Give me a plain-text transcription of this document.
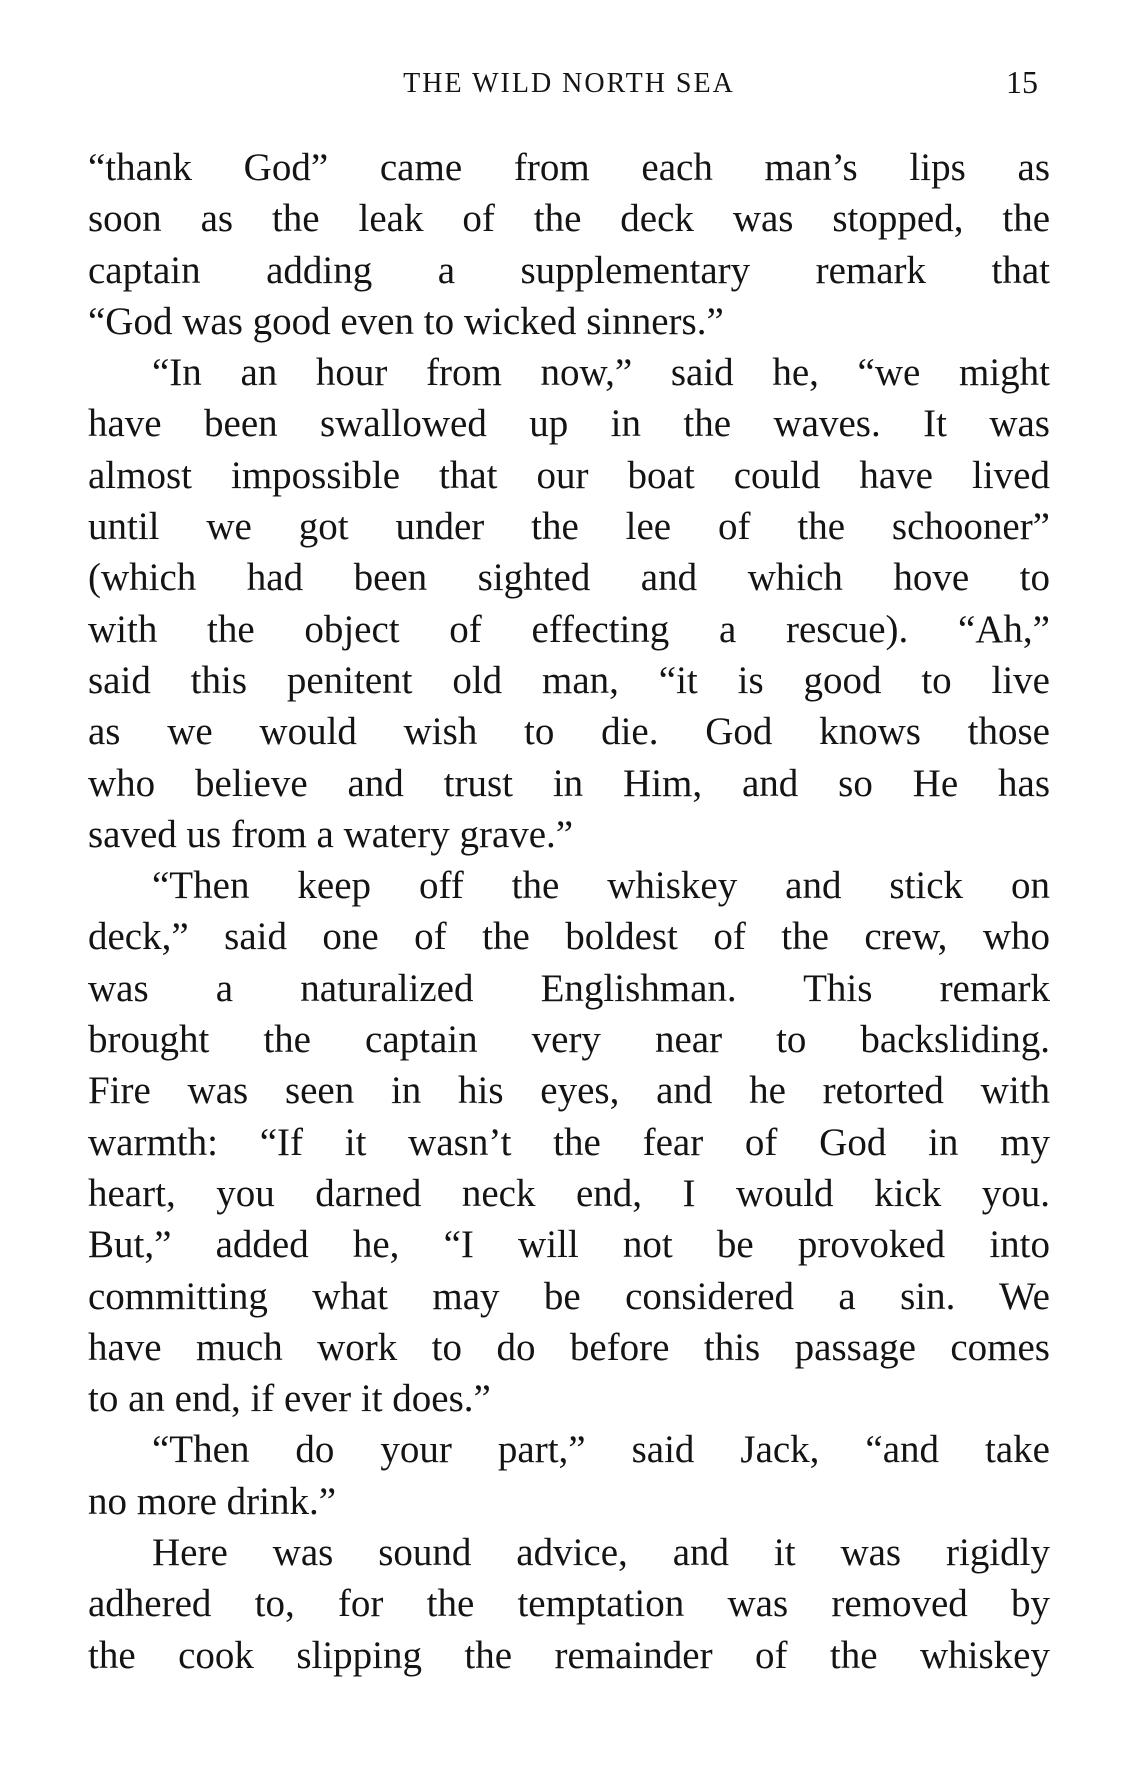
THE WILD NORTH SEA	15
“thank God” came from each man’s lips as
soon as the leak of the deck was stopped, the
captain adding a supplementary remark that
“God was good even to wicked sinners.”
“In an hour from now,” said he, “we might
have been swallowed up in the waves. It was
almost impossible that our boat could have lived
until we got under the lee of the schooner”
(which had been sighted and which hove to
with the object of effecting a rescue). “Ah,”
said this penitent old man, “it is good to live
as we would wish to die. God knows those
who believe and trust in Him, and so He has
saved us from a watery grave.”
“Then keep off the whiskey and stick on
deck,” said one of the boldest of the crew, who
was a naturalized Englishman. This remark
brought the captain very near to backsliding.
Fire was seen in his eyes, and he retorted with
warmth: “If it wasn’t the fear of God in my
heart, you darned neck end, I would kick you.
But,” added he, “I will not be provoked into
committing what may be considered a sin. We
have much work to do before this passage comes
to an end, if ever it does.”
“Then do your part,” said Jack, “and take
no more drink.”
Here was sound advice, and it was rigidly
adhered to, for the temptation was removed by
the cook slipping the remainder of the whiskey
